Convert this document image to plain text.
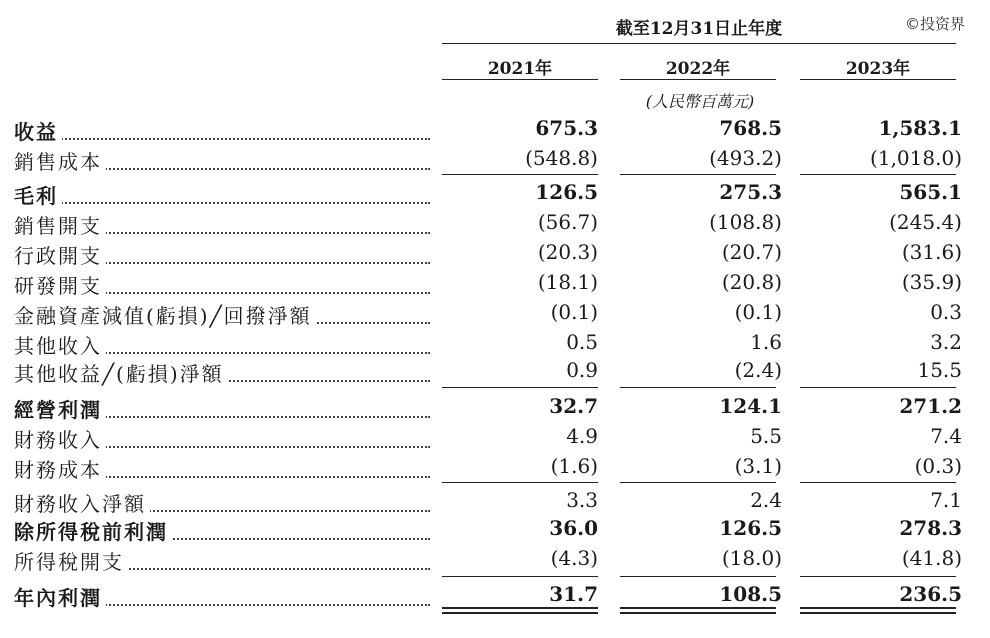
截至12月31日止年度
2021年	2022年	2023年
(人民幣百萬元)
©投资界
收益	675.3	768.5	1,583.1
銷售成本	(548.8)	(493.2)	(1,018.0)
毛利	126.5	275.3	565.1
銷售開支	(56.7)	(108.8)	(245.4)
行政開支	(20.3)	(20.7)	(31.6)
研發開支	(18.1)	(20.8)	(35.9)
金融資產減值(虧損)╱回撥淨額	(0.1)	(0.1)	0.3
其他收入	0.5	1.6	3.2
其他收益╱(虧損)淨額	0.9	(2.4)	15.5
經營利潤	32.7	124.1	271.2
財務收入	4.9	5.5	7.4
財務成本	(1.6)	(3.1)	(0.3)
財務收入淨額	3.3	2.4	7.1
除所得稅前利潤	36.0	126.5	278.3
所得稅開支	(4.3)	(18.0)	(41.8)
年內利潤	31.7	108.5	236.5
